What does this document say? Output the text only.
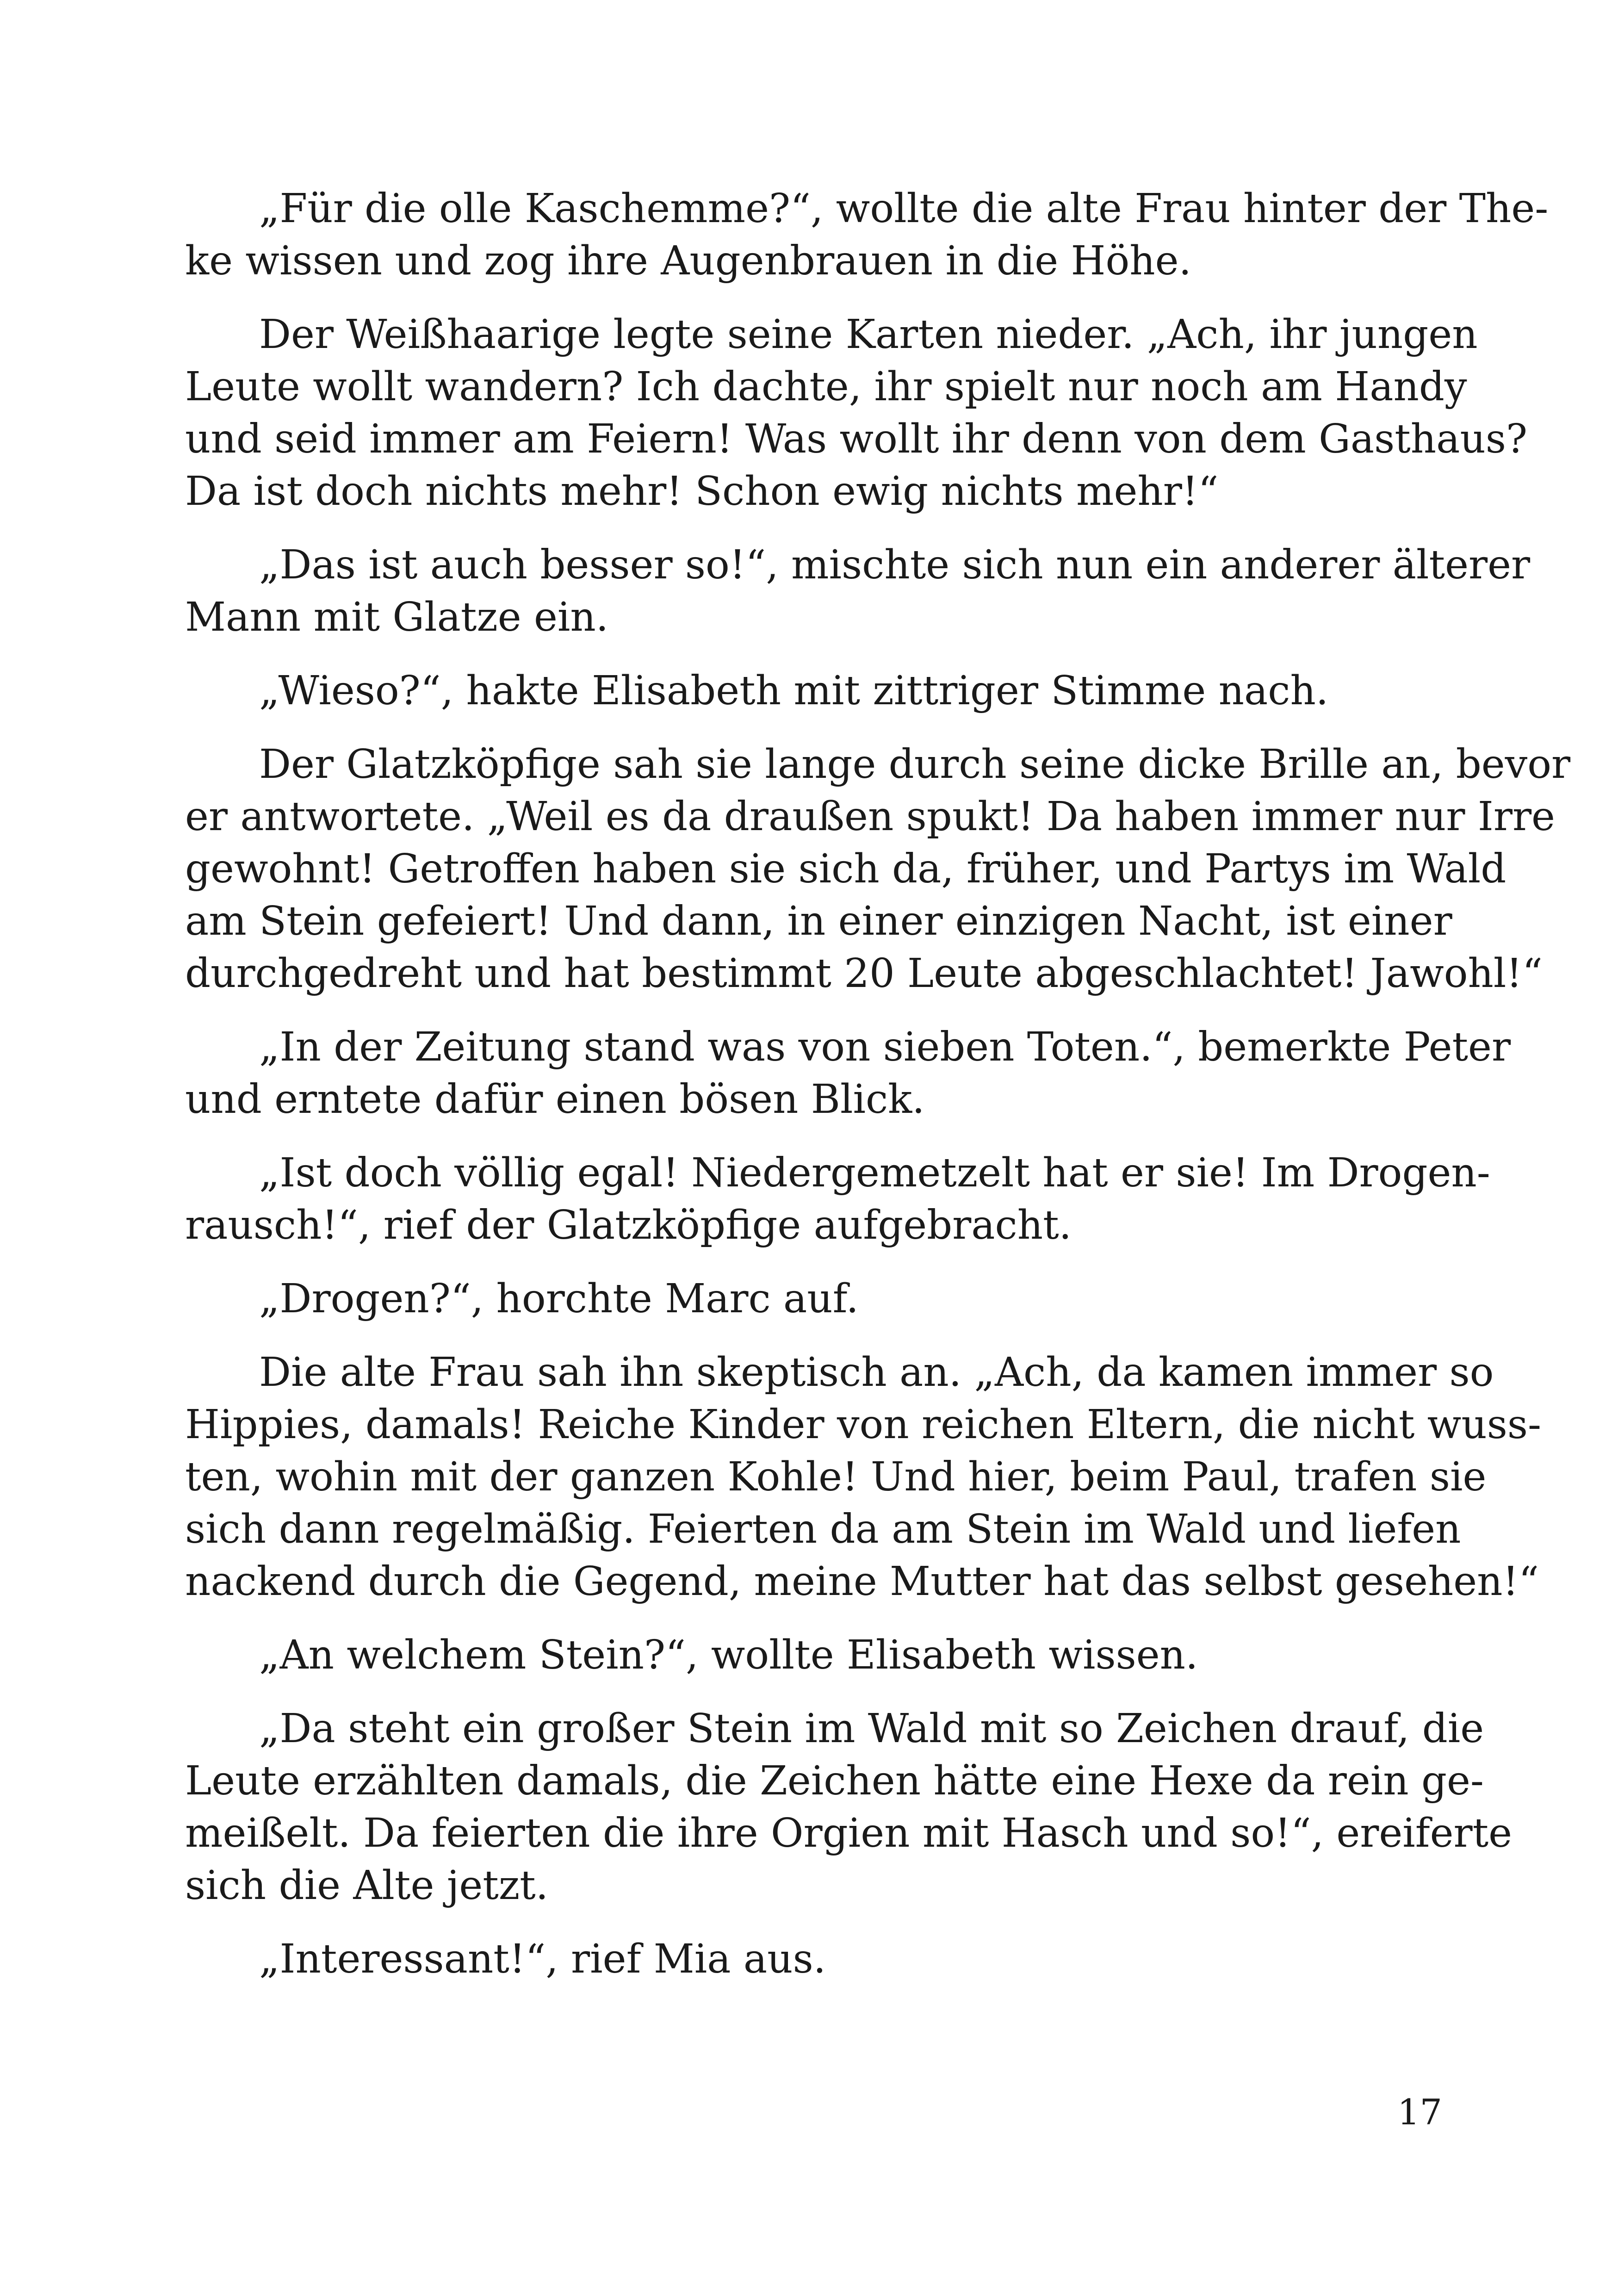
„Für die olle Kaschemme?“, wollte die alte Frau hinter der The-
ke wissen und zog ihre Augenbrauen in die Höhe.
Der Weißhaarige legte seine Karten nieder. „Ach, ihr jungen
Leute wollt wandern? Ich dachte, ihr spielt nur noch am Handy
und seid immer am Feiern! Was wollt ihr denn von dem Gasthaus?
Da ist doch nichts mehr! Schon ewig nichts mehr!“
„Das ist auch besser so!“, mischte sich nun ein anderer älterer
Mann mit Glatze ein.
„Wieso?“, hakte Elisabeth mit zittriger Stimme nach.
Der Glatzköpfige sah sie lange durch seine dicke Brille an, bevor
er antwortete. „Weil es da draußen spukt! Da haben immer nur Irre
gewohnt! Getroffen haben sie sich da, früher, und Partys im Wald
am Stein gefeiert! Und dann, in einer einzigen Nacht, ist einer
durchgedreht und hat bestimmt 20 Leute abgeschlachtet! Jawohl!“
„In der Zeitung stand was von sieben Toten.“, bemerkte Peter
und erntete dafür einen bösen Blick.
„Ist doch völlig egal! Niedergemetzelt hat er sie! Im Drogen-
rausch!“, rief der Glatzköpfige aufgebracht.
„Drogen?“, horchte Marc auf.
Die alte Frau sah ihn skeptisch an. „Ach, da kamen immer so
Hippies, damals! Reiche Kinder von reichen Eltern, die nicht wuss-
ten, wohin mit der ganzen Kohle! Und hier, beim Paul, trafen sie
sich dann regelmäßig. Feierten da am Stein im Wald und liefen
nackend durch die Gegend, meine Mutter hat das selbst gesehen!“
„An welchem Stein?“, wollte Elisabeth wissen.
„Da steht ein großer Stein im Wald mit so Zeichen drauf, die
Leute erzählten damals, die Zeichen hätte eine Hexe da rein ge-
meißelt. Da feierten die ihre Orgien mit Hasch und so!“, ereiferte
sich die Alte jetzt.
„Interessant!“, rief Mia aus.
17
